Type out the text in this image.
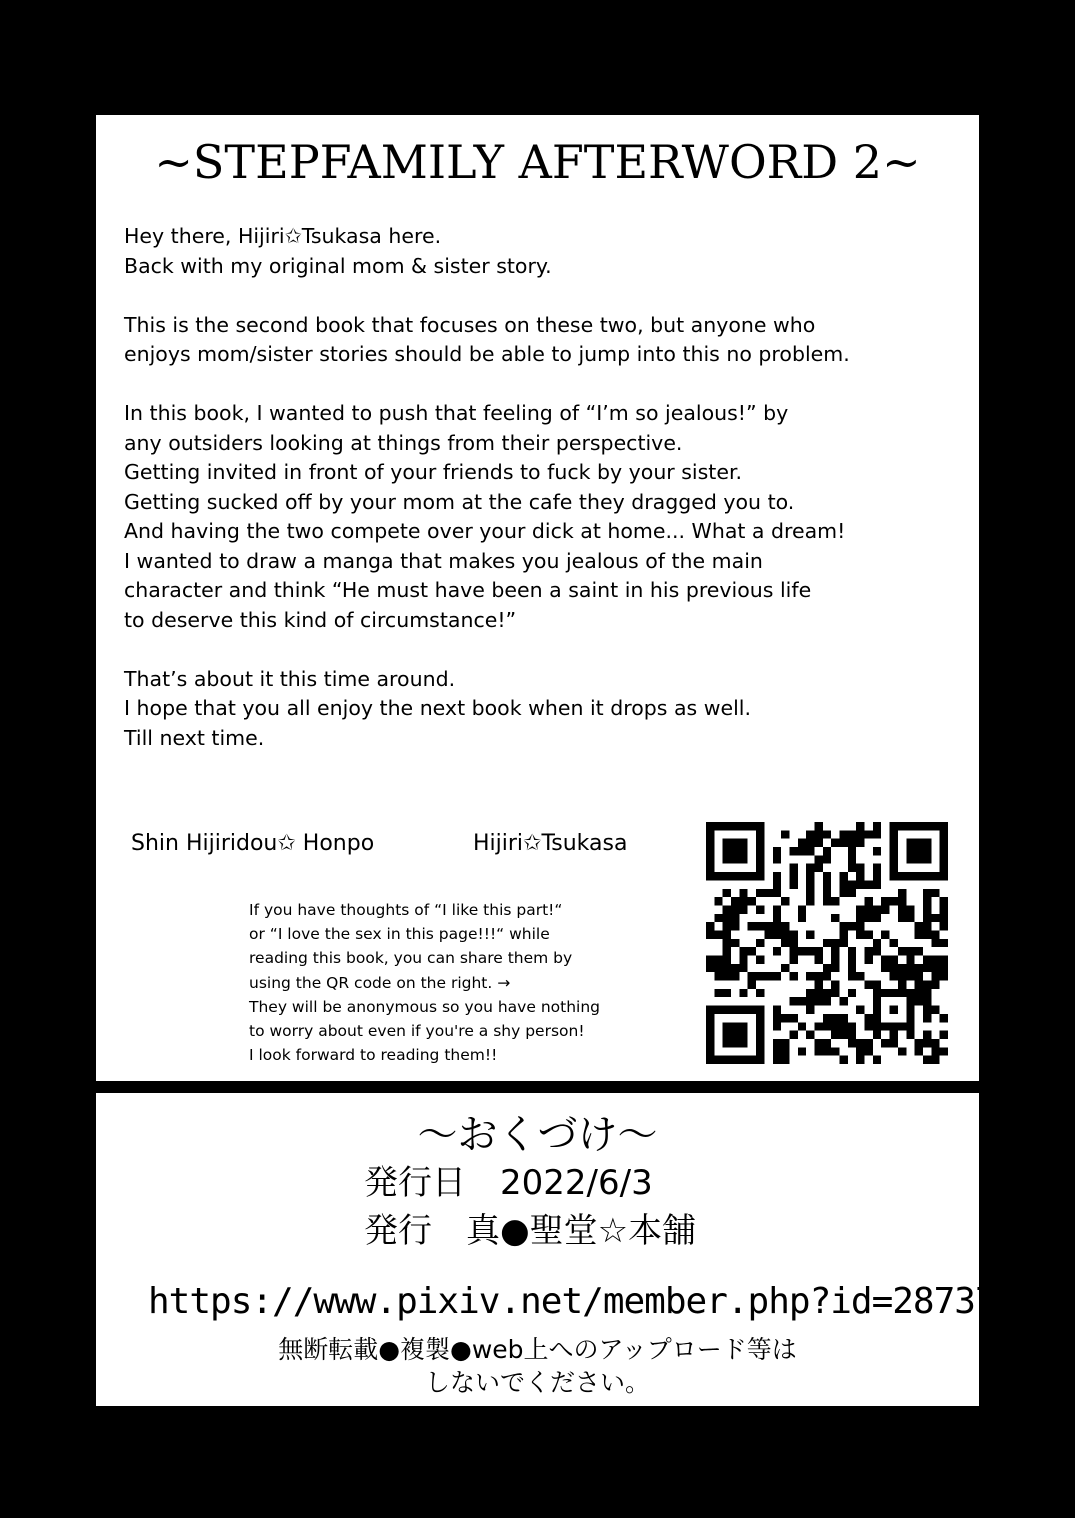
~STEPFAMILY AFTERWORD 2~
Hey there, Hijiri✩Tsukasa here.
Back with my original mom & sister story.
This is the second book that focuses on these two, but anyone who
enjoys mom/sister stories should be able to jump into this no problem.
In this book, I wanted to push that feeling of “I’m so jealous!” by
any outsiders looking at things from their perspective.
Getting invited in front of your friends to fuck by your sister.
Getting sucked off by your mom at the cafe they dragged you to.
And having the two compete over your dick at home... What a dream!
I wanted to draw a manga that makes you jealous of the main
character and think “He must have been a saint in his previous life
to deserve this kind of circumstance!”
That’s about it this time around.
I hope that you all enjoy the next book when it drops as well.
Till next time.
Shin Hijiridou✩ Honpo	Hijiri✩Tsukasa
If you have thoughts of “I like this part!“
or “I love the sex in this page!!!“ while
reading this book, you can share them by
using the QR code on the right. →
They will be anonymous so you have nothing
to worry about even if you're a shy person!
I look forward to reading them!!
～おくづけ～
発行日　2022/6/3
発行　真●聖堂☆本舗
https://www.pixiv.net/member.php?id=28737
無断転載●複製●web上へのアップロード等は
しないでください。
